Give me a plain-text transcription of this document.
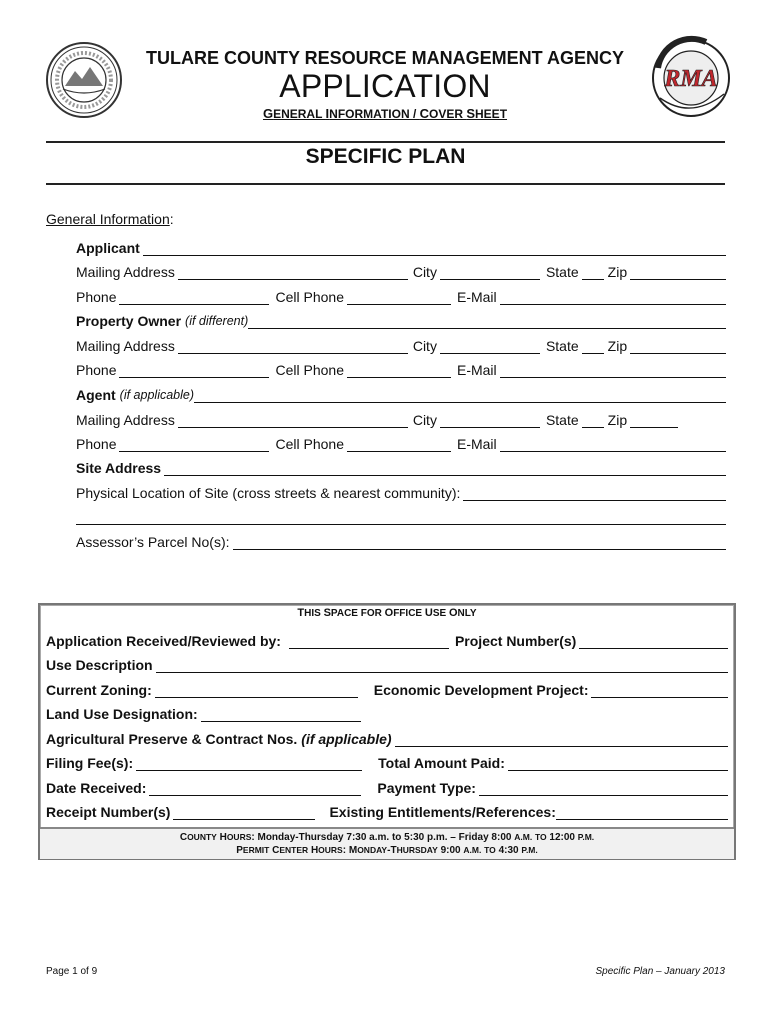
RMA
TULARE COUNTY RESOURCE MANAGEMENT AGENCY
APPLICATION
GENERAL INFORMATION / COVER SHEET
SPECIFIC PLAN
General Information:
Applicant
Mailing Address	City	State Zip
Phone	Cell Phone	E-Mail
Property Owner (if different)
Mailing Address	City	State Zip
Phone	Cell Phone	E-Mail
Agent (if applicable)
Mailing Address	City	State Zip
Phone	Cell Phone	E-Mail
Site Address
Physical Location of Site (cross streets & nearest community):
Assessor’s Parcel No(s):
THIS SPACE FOR OFFICE USE ONLY
Application Received/Reviewed by:	Project Number(s)
Use Description
Current Zoning:	Economic Development Project:
Land Use Designation:
Agricultural Preserve & Contract Nos. (if applicable)
Filing Fee(s):	Total Amount Paid:
Date Received:	Payment Type:
Receipt Number(s)	Existing Entitlements/References:
COUNTY HOURS: Monday-Thursday 7:30 a.m. to 5:30 p.m. – Friday 8:00 A.M. TO 12:00 P.M.
PERMIT CENTER HOURS: MONDAY-THURSDAY 9:00 A.M. TO 4:30 P.M.
Page 1 of 9	Specific Plan – January 2013
